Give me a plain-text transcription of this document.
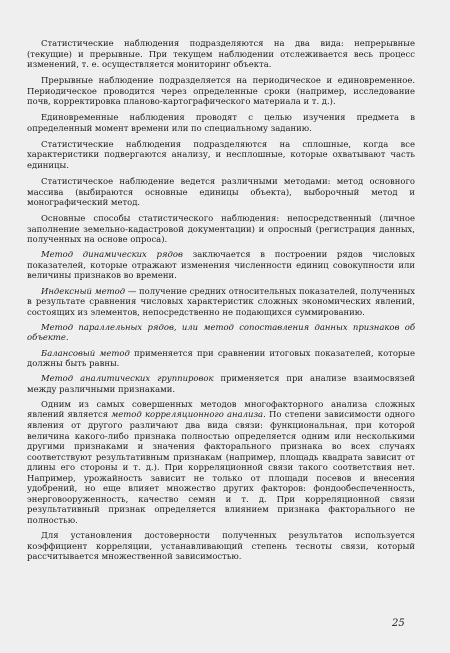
Статистические наблюдения подразделяются на два вида: непрерывные (текущие) и прерывные. При текущем наблюдении отслеживается весь процесс изменений, т. е. осуществляется мониторинг объекта.

Прерывные наблюдение подразделяется на периодическое и единовременное. Периодическое проводится через определенные сроки (например, исследование почв, корректировка планово-картографического материала и т. д.).

Единовременные наблюдения проводят с целью изучения предмета в определенный момент времени или по специальному заданию.

Статистические наблюдения подразделяются на сплошные, когда все характеристики подвергаются анализу, и несплошные, которые охватывают часть единицы.

Статистическое наблюдение ведется различными методами: метод основного массива (выбираются основные единицы объекта), выборочный метод и монографический метод.

Основные способы статистического наблюдения: непосредственный (личное заполнение земельно-кадастровой документации) и опросный (регистрация данных, полученных на основе опроса).

Метод динамических рядов заключается в построении рядов числовых показателей, которые отражают изменения численности единиц совокупности или величины признаков во времени.

Индексный метод — получение средних относительных показателей, полученных в результате сравнения числовых характеристик сложных экономических явлений, состоящих из элементов, непосредственно не подающихся суммированию.

Метод параллельных рядов, или метод сопоставления данных признаков об объекте.

Балансовый метод применяется при сравнении итоговых показателей, которые должны быть равны.

Метод аналитических группировок применяется при анализе взаимосвязей между различными признаками.

Одним из самых совершенных методов многофакторного анализа сложных явлений является метод корреляционного анализа. По степени зависимости одного явления от другого различают два вида связи: функциональная, при которой величина какого-либо признака полностью определяется одним или несколькими другими признаками и значения факторального признака во всех случаях соответствуют результативным признакам (например, площадь квадрата зависит от длины его стороны и т. д.). При корреляционной связи такого соответствия нет. Например, урожайность зависит не только от площади посевов и внесения удобрений, но еще влияет множество других факторов: фондообеспеченность, энерговооруженность, качество семян и т. д. При корреляционной связи результативный признак определяется влиянием признака факторального не полностью.

Для установления достоверности полученных результатов используется коэффициент корреляции, устанавливающий степень тесноты связи, который рассчитывается множественной зависимостью.

25
